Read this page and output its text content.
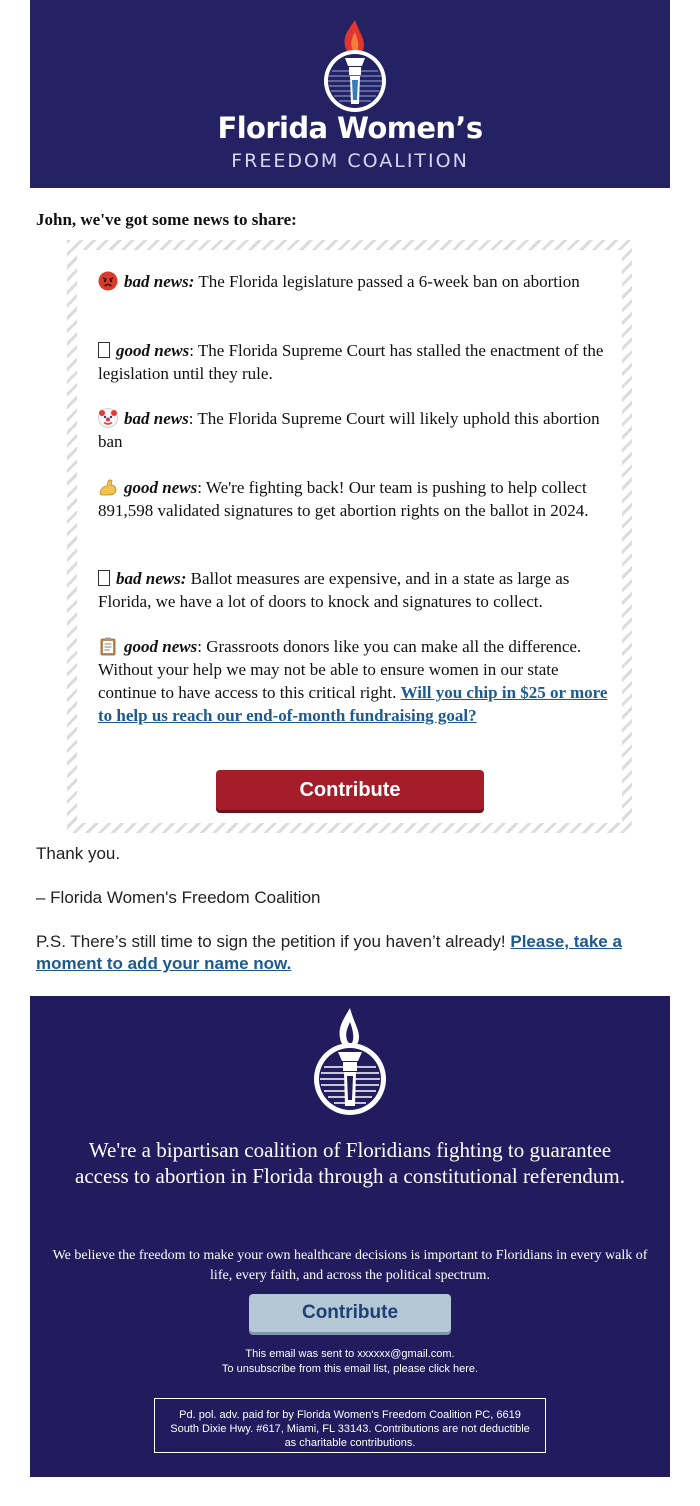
Florida Women’s
FREEDOM COALITION
John, we've got some news to share:
bad news: The Florida legislature passed a 6-week ban on abortion
good news: The Florida Supreme Court has stalled the enactment of the legislation until they rule.
bad news: The Florida Supreme Court will likely uphold this abortion ban
good news: We're fighting back! Our team is pushing to help collect 891,598 validated signatures to get abortion rights on the ballot in 2024.
bad news: Ballot measures are expensive, and in a state as large as Florida, we have a lot of doors to knock and signatures to collect.
good news: Grassroots donors like you can make all the difference. Without your help we may not be able to ensure women in our state continue to have access to this critical right. Will you chip in $25 or more to help us reach our end-of-month fundraising goal?
Contribute
Thank you.
– Florida Women's Freedom Coalition
P.S. There’s still time to sign the petition if you haven’t already! Please, take a moment to add your name now.
We're a bipartisan coalition of Floridians fighting to guarantee access to abortion in Florida through a constitutional referendum.
We believe the freedom to make your own healthcare decisions is important to Floridians in every walk of life, every faith, and across the political spectrum.
Contribute
This email was sent to xxxxxx@gmail.com.
To unsubscribe from this email list, please click here.
Pd. pol. adv. paid for by Florida Women's Freedom Coalition PC, 6619 South Dixie Hwy. #617, Miami, FL 33143. Contributions are not deductible as charitable contributions.
